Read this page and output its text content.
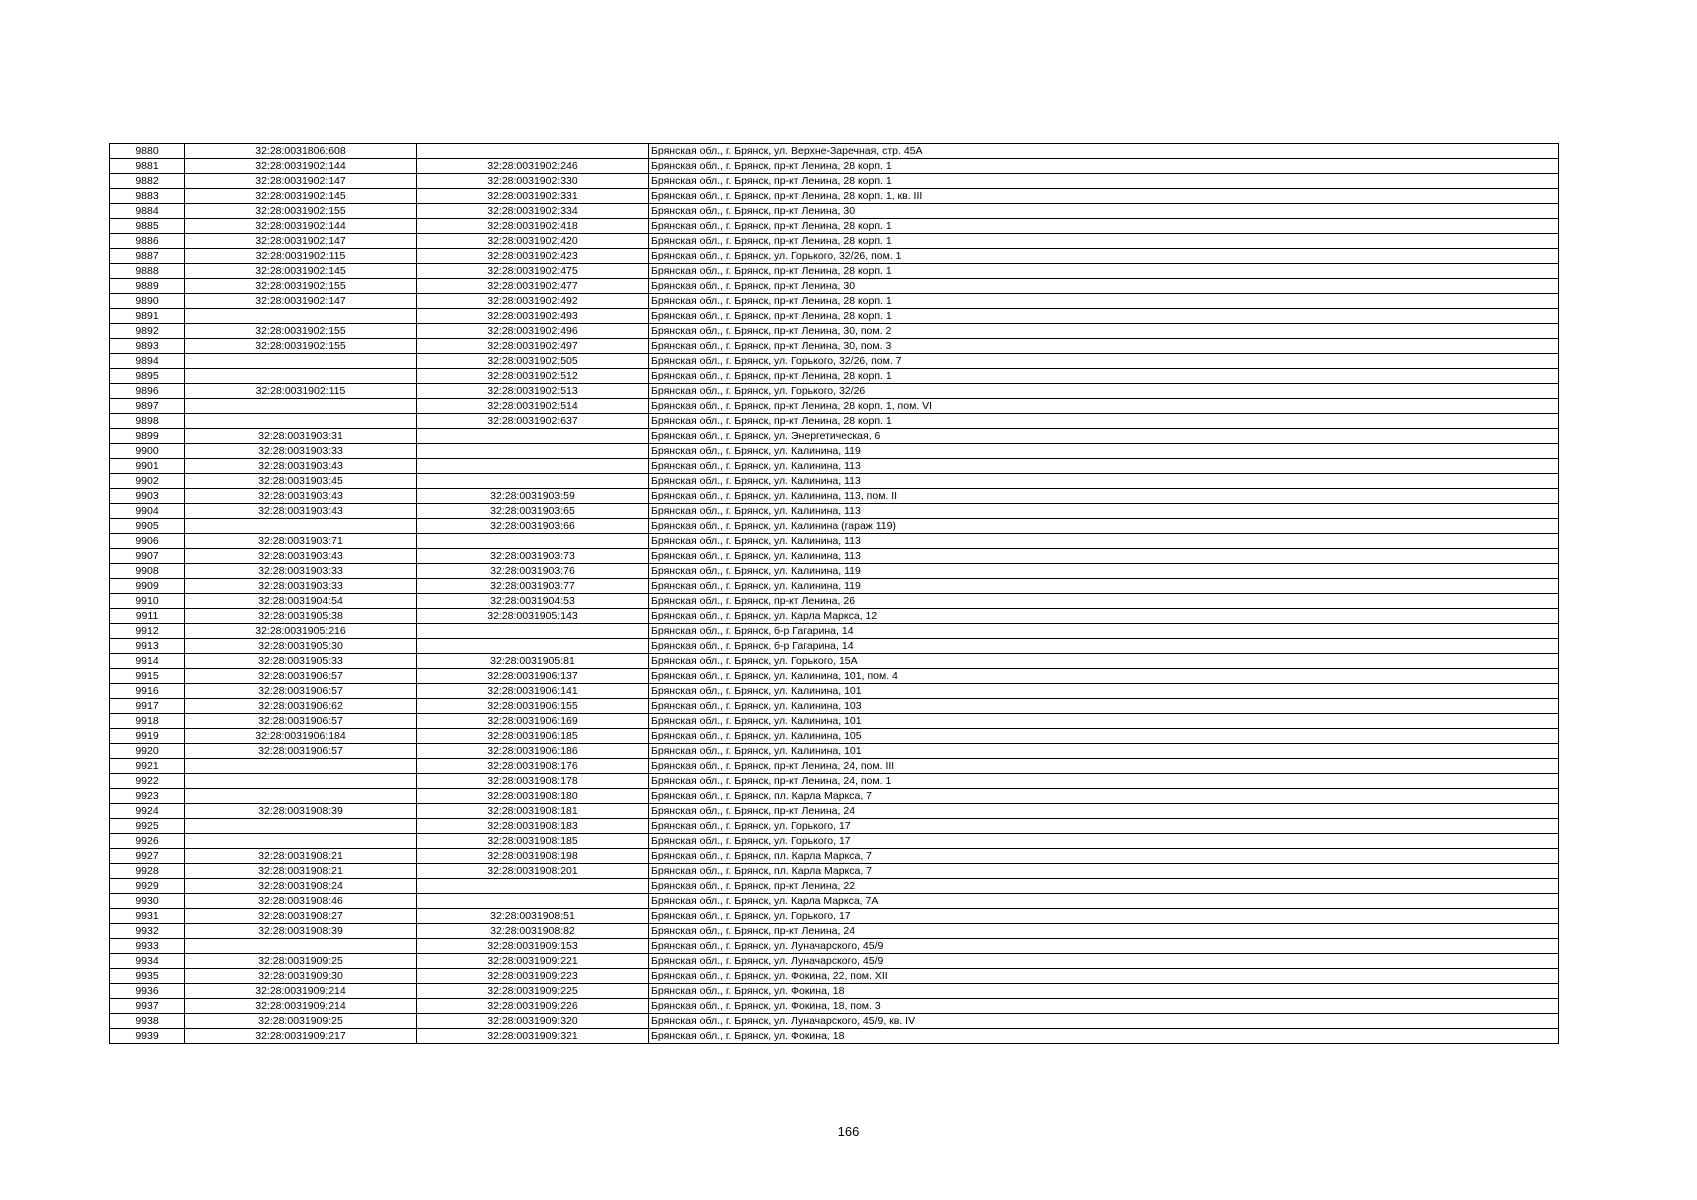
9880	32:28:0031806:608		Брянская обл., г. Брянск, ул. Верхне-Заречная, стр. 45А
9881	32:28:0031902:144	32:28:0031902:246	Брянская обл., г. Брянск, пр-кт Ленина, 28 корп. 1
9882	32:28:0031902:147	32:28:0031902:330	Брянская обл., г. Брянск, пр-кт Ленина, 28 корп. 1
9883	32:28:0031902:145	32:28:0031902:331	Брянская обл., г. Брянск, пр-кт Ленина, 28 корп. 1, кв. III
9884	32:28:0031902:155	32:28:0031902:334	Брянская обл., г. Брянск, пр-кт Ленина, 30
9885	32:28:0031902:144	32:28:0031902:418	Брянская обл., г. Брянск, пр-кт Ленина, 28 корп. 1
9886	32:28:0031902:147	32:28:0031902:420	Брянская обл., г. Брянск, пр-кт Ленина, 28 корп. 1
9887	32:28:0031902:115	32:28:0031902:423	Брянская обл., г. Брянск, ул. Горького, 32/26, пом. 1
9888	32:28:0031902:145	32:28:0031902:475	Брянская обл., г. Брянск, пр-кт Ленина, 28 корп. 1
9889	32:28:0031902:155	32:28:0031902:477	Брянская обл., г. Брянск, пр-кт Ленина, 30
9890	32:28:0031902:147	32:28:0031902:492	Брянская обл., г. Брянск, пр-кт Ленина, 28 корп. 1
9891		32:28:0031902:493	Брянская обл., г. Брянск, пр-кт Ленина, 28 корп. 1
9892	32:28:0031902:155	32:28:0031902:496	Брянская обл., г. Брянск, пр-кт Ленина, 30, пом. 2
9893	32:28:0031902:155	32:28:0031902:497	Брянская обл., г. Брянск, пр-кт Ленина, 30, пом. 3
9894		32:28:0031902:505	Брянская обл., г. Брянск, ул. Горького, 32/26, пом. 7
9895		32:28:0031902:512	Брянская обл., г. Брянск, пр-кт Ленина, 28 корп. 1
9896	32:28:0031902:115	32:28:0031902:513	Брянская обл., г. Брянск, ул. Горького, 32/26
9897		32:28:0031902:514	Брянская обл., г. Брянск, пр-кт Ленина, 28 корп. 1, пом. VI
9898		32:28:0031902:637	Брянская обл., г. Брянск, пр-кт Ленина, 28 корп. 1
9899	32:28:0031903:31		Брянская обл., г. Брянск, ул. Энергетическая, 6
9900	32:28:0031903:33		Брянская обл., г. Брянск, ул. Калинина, 119
9901	32:28:0031903:43		Брянская обл., г. Брянск, ул. Калинина, 113
9902	32:28:0031903:45		Брянская обл., г. Брянск, ул. Калинина, 113
9903	32:28:0031903:43	32:28:0031903:59	Брянская обл., г. Брянск, ул. Калинина, 113, пом. II
9904	32:28:0031903:43	32:28:0031903:65	Брянская обл., г. Брянск, ул. Калинина, 113
9905		32:28:0031903:66	Брянская обл., г. Брянск, ул. Калинина (гараж 119)
9906	32:28:0031903:71		Брянская обл., г. Брянск, ул. Калинина, 113
9907	32:28:0031903:43	32:28:0031903:73	Брянская обл., г. Брянск, ул. Калинина, 113
9908	32:28:0031903:33	32:28:0031903:76	Брянская обл., г. Брянск, ул. Калинина, 119
9909	32:28:0031903:33	32:28:0031903:77	Брянская обл., г. Брянск, ул. Калинина, 119
9910	32:28:0031904:54	32:28:0031904:53	Брянская обл., г. Брянск, пр-кт Ленина, 26
9911	32:28:0031905:38	32:28:0031905:143	Брянская обл., г. Брянск, ул. Карла Маркса, 12
9912	32:28:0031905:216		Брянская обл., г. Брянск, б-р Гагарина, 14
9913	32:28:0031905:30		Брянская обл., г. Брянск, б-р Гагарина, 14
9914	32:28:0031905:33	32:28:0031905:81	Брянская обл., г. Брянск, ул. Горького, 15А
9915	32:28:0031906:57	32:28:0031906:137	Брянская обл., г. Брянск, ул. Калинина, 101, пом. 4
9916	32:28:0031906:57	32:28:0031906:141	Брянская обл., г. Брянск, ул. Калинина, 101
9917	32:28:0031906:62	32:28:0031906:155	Брянская обл., г. Брянск, ул. Калинина, 103
9918	32:28:0031906:57	32:28:0031906:169	Брянская обл., г. Брянск, ул. Калинина, 101
9919	32:28:0031906:184	32:28:0031906:185	Брянская обл., г. Брянск, ул. Калинина, 105
9920	32:28:0031906:57	32:28:0031906:186	Брянская обл., г. Брянск, ул. Калинина, 101
9921		32:28:0031908:176	Брянская обл., г. Брянск, пр-кт Ленина, 24, пом. III
9922		32:28:0031908:178	Брянская обл., г. Брянск, пр-кт Ленина, 24, пом. 1
9923		32:28:0031908:180	Брянская обл., г. Брянск, пл. Карла Маркса, 7
9924	32:28:0031908:39	32:28:0031908:181	Брянская обл., г. Брянск, пр-кт Ленина, 24
9925		32:28:0031908:183	Брянская обл., г. Брянск, ул. Горького, 17
9926		32:28:0031908:185	Брянская обл., г. Брянск, ул. Горького, 17
9927	32:28:0031908:21	32:28:0031908:198	Брянская обл., г. Брянск, пл. Карла Маркса, 7
9928	32:28:0031908:21	32:28:0031908:201	Брянская обл., г. Брянск, пл. Карла Маркса, 7
9929	32:28:0031908:24		Брянская обл., г. Брянск, пр-кт Ленина, 22
9930	32:28:0031908:46		Брянская обл., г. Брянск, ул. Карла Маркса, 7А
9931	32:28:0031908:27	32:28:0031908:51	Брянская обл., г. Брянск, ул. Горького, 17
9932	32:28:0031908:39	32:28:0031908:82	Брянская обл., г. Брянск, пр-кт Ленина, 24
9933		32:28:0031909:153	Брянская обл., г. Брянск, ул. Луначарского, 45/9
9934	32:28:0031909:25	32:28:0031909:221	Брянская обл., г. Брянск, ул. Луначарского, 45/9
9935	32:28:0031909:30	32:28:0031909:223	Брянская обл., г. Брянск, ул. Фокина, 22, пом. XII
9936	32:28:0031909:214	32:28:0031909:225	Брянская обл., г. Брянск, ул. Фокина, 18
9937	32:28:0031909:214	32:28:0031909:226	Брянская обл., г. Брянск, ул. Фокина, 18, пом. 3
9938	32:28:0031909:25	32:28:0031909:320	Брянская обл., г. Брянск, ул. Луначарского, 45/9, кв. IV
9939	32:28:0031909:217	32:28:0031909:321	Брянская обл., г. Брянск, ул. Фокина, 18
166
